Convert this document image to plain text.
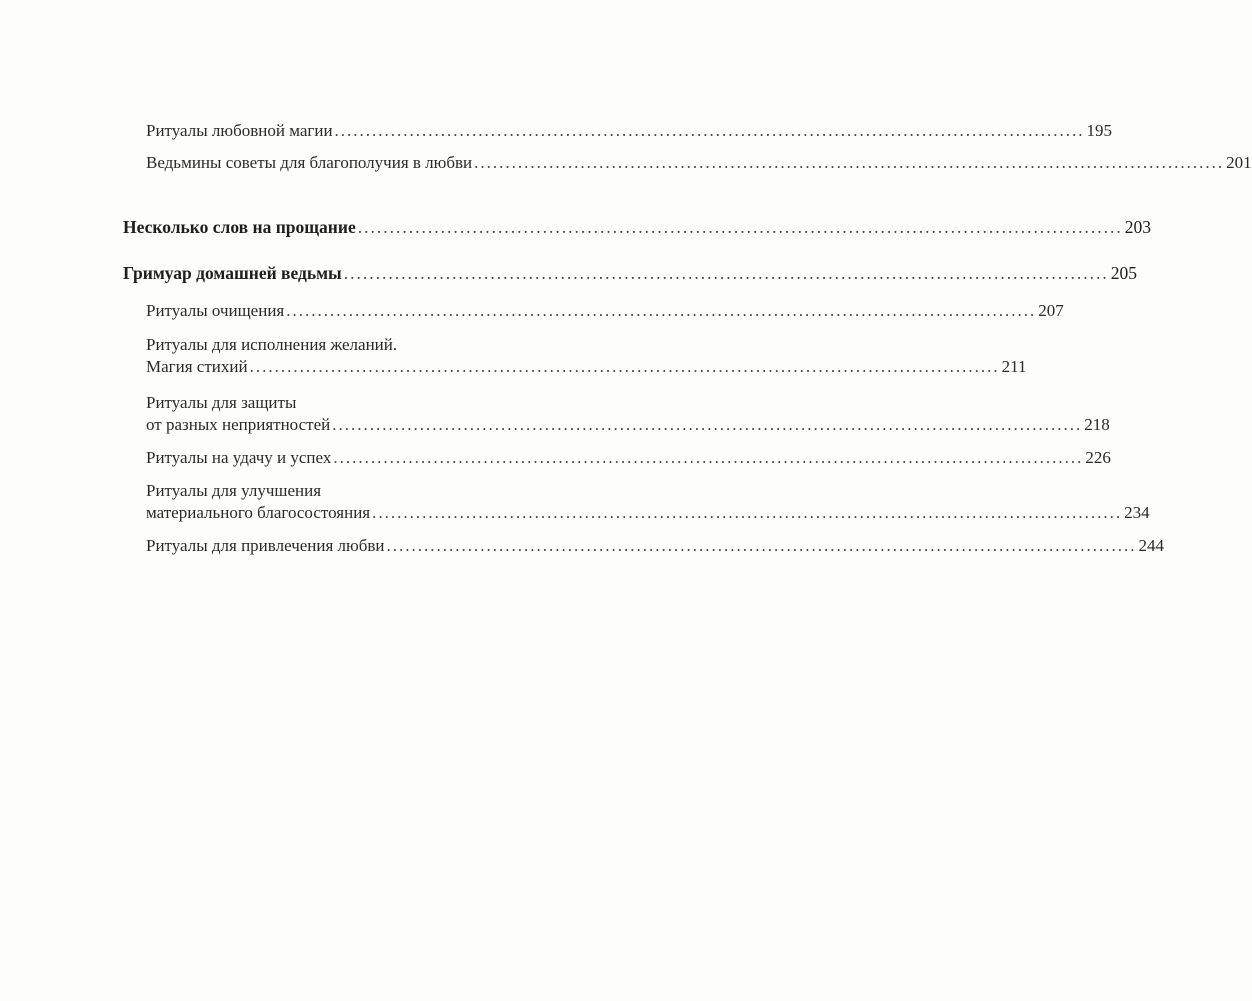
Ритуалы любовной магии .....	195
Ведьмины советы для благополучия в любви .....	201
Несколько слов на прощание .....	203
Гримуар домашней ведьмы .....	205
Ритуалы очищения .....	207
Ритуалы для исполнения желаний.
Магия стихий .....	211
Ритуалы для защиты
от разных неприятностей .....	218
Ритуалы на удачу и успех .....	226
Ритуалы для улучшения
материального благосостояния .....	234
Ритуалы для привлечения любви .....	244
